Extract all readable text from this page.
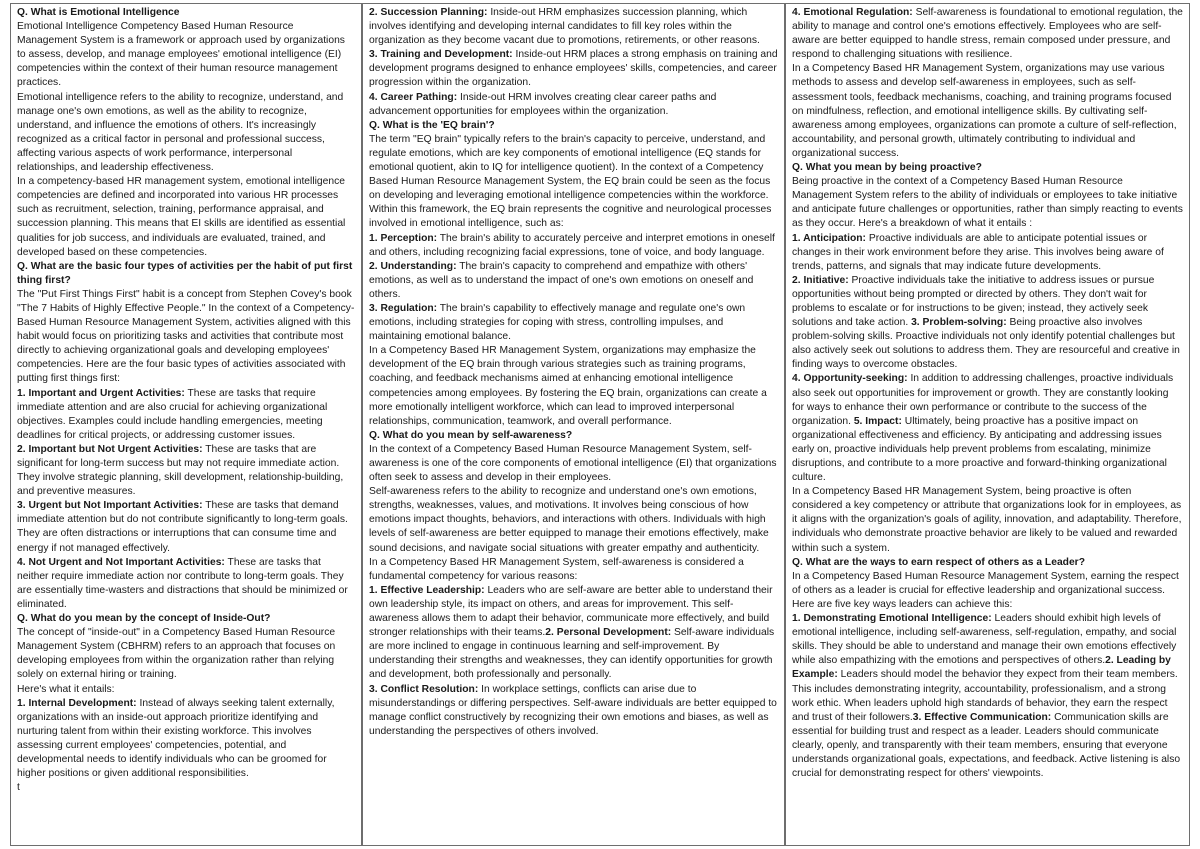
Q. What is Emotional Intelligence

Emotional Intelligence Competency Based Human Resource Management System is a framework or approach used by organizations to assess, develop, and manage employees' emotional intelligence (EI) competencies within the context of their human resource management practices.

Emotional intelligence refers to the ability to recognize, understand, and manage one's own emotions, as well as the ability to recognize, understand, and influence the emotions of others. It's increasingly recognized as a critical factor in personal and professional success, affecting various aspects of work performance, interpersonal relationships, and leadership effectiveness.

In a competency-based HR management system, emotional intelligence competencies are defined and incorporated into various HR processes such as recruitment, selection, training, performance appraisal, and succession planning. This means that EI skills are identified as essential qualities for job success, and individuals are evaluated, trained, and developed based on these competencies.

Q. What are the basic four types of activities per the habit of put first thing first?

The "Put First Things First" habit is a concept from Stephen Covey's book "The 7 Habits of Highly Effective People." In the context of a Competency-Based Human Resource Management System, activities aligned with this habit would focus on prioritizing tasks and activities that contribute most directly to achieving organizational goals and developing employees' competencies. Here are the four basic types of activities associated with putting first things first:

1. Important and Urgent Activities: These are tasks that require immediate attention and are also crucial for achieving organizational objectives. Examples could include handling emergencies, meeting deadlines for critical projects, or addressing customer issues.

2. Important but Not Urgent Activities: These are tasks that are significant for long-term success but may not require immediate action. They involve strategic planning, skill development, relationship-building, and preventive measures.

3. Urgent but Not Important Activities: These are tasks that demand immediate attention but do not contribute significantly to long-term goals. They are often distractions or interruptions that can consume time and energy if not managed effectively.

4. Not Urgent and Not Important Activities: These are tasks that neither require immediate action nor contribute to long-term goals. They are essentially time-wasters and distractions that should be minimized or eliminated.

Q. What do you mean by the concept of Inside-Out?

The concept of "inside-out" in a Competency Based Human Resource Management System (CBHRM) refers to an approach that focuses on developing employees from within the organization rather than relying solely on external hiring or training.

Here's what it entails:

1. Internal Development: Instead of always seeking talent externally, organizations with an inside-out approach prioritize identifying and nurturing talent from within their existing workforce. This involves assessing current employees' competencies, potential, and developmental needs to identify individuals who can be groomed for higher positions or given additional responsibilities.

t

2. Succession Planning: Inside-out HRM emphasizes succession planning, which involves identifying and developing internal candidates to fill key roles within the organization as they become vacant due to promotions, retirements, or other reasons.

3. Training and Development: Inside-out HRM places a strong emphasis on training and development programs designed to enhance employees' skills, competencies, and career progression within the organization.

4. Career Pathing: Inside-out HRM involves creating clear career paths and advancement opportunities for employees within the organization.

Q. What is the 'EQ brain'?

The term "EQ brain" typically refers to the brain's capacity to perceive, understand, and regulate emotions, which are key components of emotional intelligence (EQ stands for emotional quotient, akin to IQ for intelligence quotient). In the context of a Competency Based Human Resource Management System, the EQ brain could be seen as the focus on developing and leveraging emotional intelligence competencies within the workforce.

Within this framework, the EQ brain represents the cognitive and neurological processes involved in emotional intelligence, such as:

1. Perception: The brain's ability to accurately perceive and interpret emotions in oneself and others, including recognizing facial expressions, tone of voice, and body language.

2. Understanding: The brain's capacity to comprehend and empathize with others' emotions, as well as to understand the impact of one's own emotions on oneself and others.

3. Regulation: The brain's capability to effectively manage and regulate one's own emotions, including strategies for coping with stress, controlling impulses, and maintaining emotional balance.

In a Competency Based HR Management System, organizations may emphasize the development of the EQ brain through various strategies such as training programs, coaching, and feedback mechanisms aimed at enhancing emotional intelligence competencies among employees. By fostering the EQ brain, organizations can create a more emotionally intelligent workforce, which can lead to improved interpersonal relationships, communication, teamwork, and overall performance.

Q. What do you mean by self-awareness?

In the context of a Competency Based Human Resource Management System, self-awareness is one of the core components of emotional intelligence (EI) that organizations often seek to assess and develop in their employees.

Self-awareness refers to the ability to recognize and understand one's own emotions, strengths, weaknesses, values, and motivations. It involves being conscious of how emotions impact thoughts, behaviors, and interactions with others. Individuals with high levels of self-awareness are better equipped to manage their emotions effectively, make sound decisions, and navigate social situations with greater empathy and authenticity.

In a Competency Based HR Management System, self-awareness is considered a fundamental competency for various reasons:

1. Effective Leadership: Leaders who are self-aware are better able to understand their own leadership style, its impact on others, and areas for improvement. This self-awareness allows them to adapt their behavior, communicate more effectively, and build stronger relationships with their teams.2. Personal Development: Self-aware individuals are more inclined to engage in continuous learning and self-improvement. By understanding their strengths and weaknesses, they can identify opportunities for growth and development, both professionally and personally.

3. Conflict Resolution: In workplace settings, conflicts can arise due to misunderstandings or differing perspectives. Self-aware individuals are better equipped to manage conflict constructively by recognizing their own emotions and biases, as well as understanding the perspectives of others involved.

4. Emotional Regulation: Self-awareness is foundational to emotional regulation, the ability to manage and control one's emotions effectively. Employees who are self-aware are better equipped to handle stress, remain composed under pressure, and respond to challenging situations with resilience.

In a Competency Based HR Management System, organizations may use various methods to assess and develop self-awareness in employees, such as self-assessment tools, feedback mechanisms, coaching, and training programs focused on mindfulness, reflection, and emotional intelligence skills. By cultivating self-awareness among employees, organizations can promote a culture of self-reflection, accountability, and personal growth, ultimately contributing to individual and organizational success.

Q. What you mean by being proactive?

Being proactive in the context of a Competency Based Human Resource Management System refers to the ability of individuals or employees to take initiative and anticipate future challenges or opportunities, rather than simply reacting to events as they occur. Here's a breakdown of what it entails :

1. Anticipation: Proactive individuals are able to anticipate potential issues or changes in their work environment before they arise. This involves being aware of trends, patterns, and signals that may indicate future developments.

2. Initiative: Proactive individuals take the initiative to address issues or pursue opportunities without being prompted or directed by others. They don't wait for problems to escalate or for instructions to be given; instead, they actively seek solutions and take action. 3. Problem-solving: Being proactive also involves problem-solving skills. Proactive individuals not only identify potential challenges but also actively seek out solutions to address them. They are resourceful and creative in finding ways to overcome obstacles.

4. Opportunity-seeking: In addition to addressing challenges, proactive individuals also seek out opportunities for improvement or growth. They are constantly looking for ways to enhance their own performance or contribute to the success of the organization. 5. Impact: Ultimately, being proactive has a positive impact on organizational effectiveness and efficiency. By anticipating and addressing issues early on, proactive individuals help prevent problems from escalating, minimize disruptions, and contribute to a more proactive and forward-thinking organizational culture.

In a Competency Based HR Management System, being proactive is often considered a key competency or attribute that organizations look for in employees, as it aligns with the organization's goals of agility, innovation, and adaptability. Therefore, individuals who demonstrate proactive behavior are likely to be valued and rewarded within such a system.

Q. What are the ways to earn respect of others as a Leader?

In a Competency Based Human Resource Management System, earning the respect of others as a leader is crucial for effective leadership and organizational success. Here are five key ways leaders can achieve this:

1. Demonstrating Emotional Intelligence: Leaders should exhibit high levels of emotional intelligence, including self-awareness, self-regulation, empathy, and social skills. They should be able to understand and manage their own emotions effectively while also empathizing with the emotions and perspectives of others.2. Leading by Example: Leaders should model the behavior they expect from their team members. This includes demonstrating integrity, accountability, professionalism, and a strong work ethic. When leaders uphold high standards of behavior, they earn the respect and trust of their followers.3. Effective Communication: Communication skills are essential for building trust and respect as a leader. Leaders should communicate clearly, openly, and transparently with their team members, ensuring that everyone understands organizational goals, expectations, and feedback. Active listening is also crucial for demonstrating respect for others' viewpoints.
